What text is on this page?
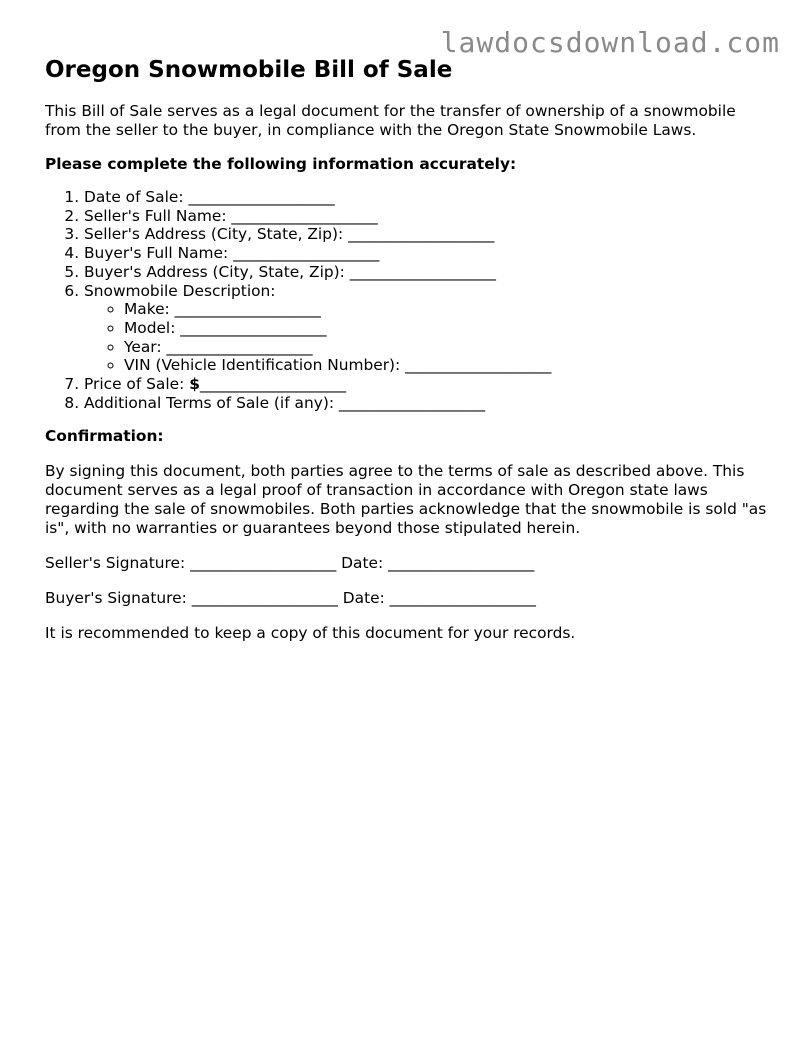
lawdocsdownload.com
Oregon Snowmobile Bill of Sale

This Bill of Sale serves as a legal document for the transfer of ownership of a snowmobile from the seller to the buyer, in compliance with the Oregon State Snowmobile Laws.

Please complete the following information accurately:

1. Date of Sale: ___________________
2. Seller's Full Name: ___________________
3. Seller's Address (City, State, Zip): ___________________
4. Buyer's Full Name: ___________________
5. Buyer's Address (City, State, Zip): ___________________
6. Snowmobile Description:
◦ Make: ___________________
◦ Model: ___________________
◦ Year: ___________________
◦ VIN (Vehicle Identification Number): ___________________
7. Price of Sale: $___________________
8. Additional Terms of Sale (if any): ___________________

Confirmation:

By signing this document, both parties agree to the terms of sale as described above. This document serves as a legal proof of transaction in accordance with Oregon state laws regarding the sale of snowmobiles. Both parties acknowledge that the snowmobile is sold "as is", with no warranties or guarantees beyond those stipulated herein.

Seller's Signature: ___________________ Date: ___________________

Buyer's Signature: ___________________ Date: ___________________

It is recommended to keep a copy of this document for your records.
